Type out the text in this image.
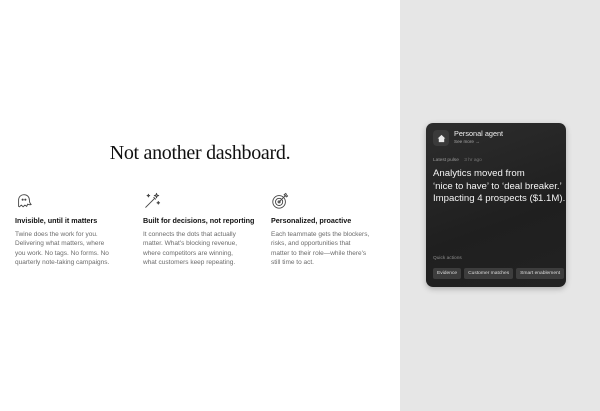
Not another dashboard.
Invisible, until it matters
Twine does the work for you.
Delivering what matters, where
you work. No tags. No forms. No
quarterly note-taking campaigns.
Built for decisions, not reporting
It connects the dots that actually
matter. What's blocking revenue,
where competitors are winning,
what customers keep repeating.
Personalized, proactive
Each teammate gets the blockers,
risks, and opportunities that
matter to their role—while there's
still time to act.
Personal agent
See more →
Latest pulse 3 hr ago
Analytics moved from
‘nice to have’ to ‘deal breaker.’
Impacting 4 prospects ($1.1M).
Quick actions
Evidence	Customer matches	Smart enablement
